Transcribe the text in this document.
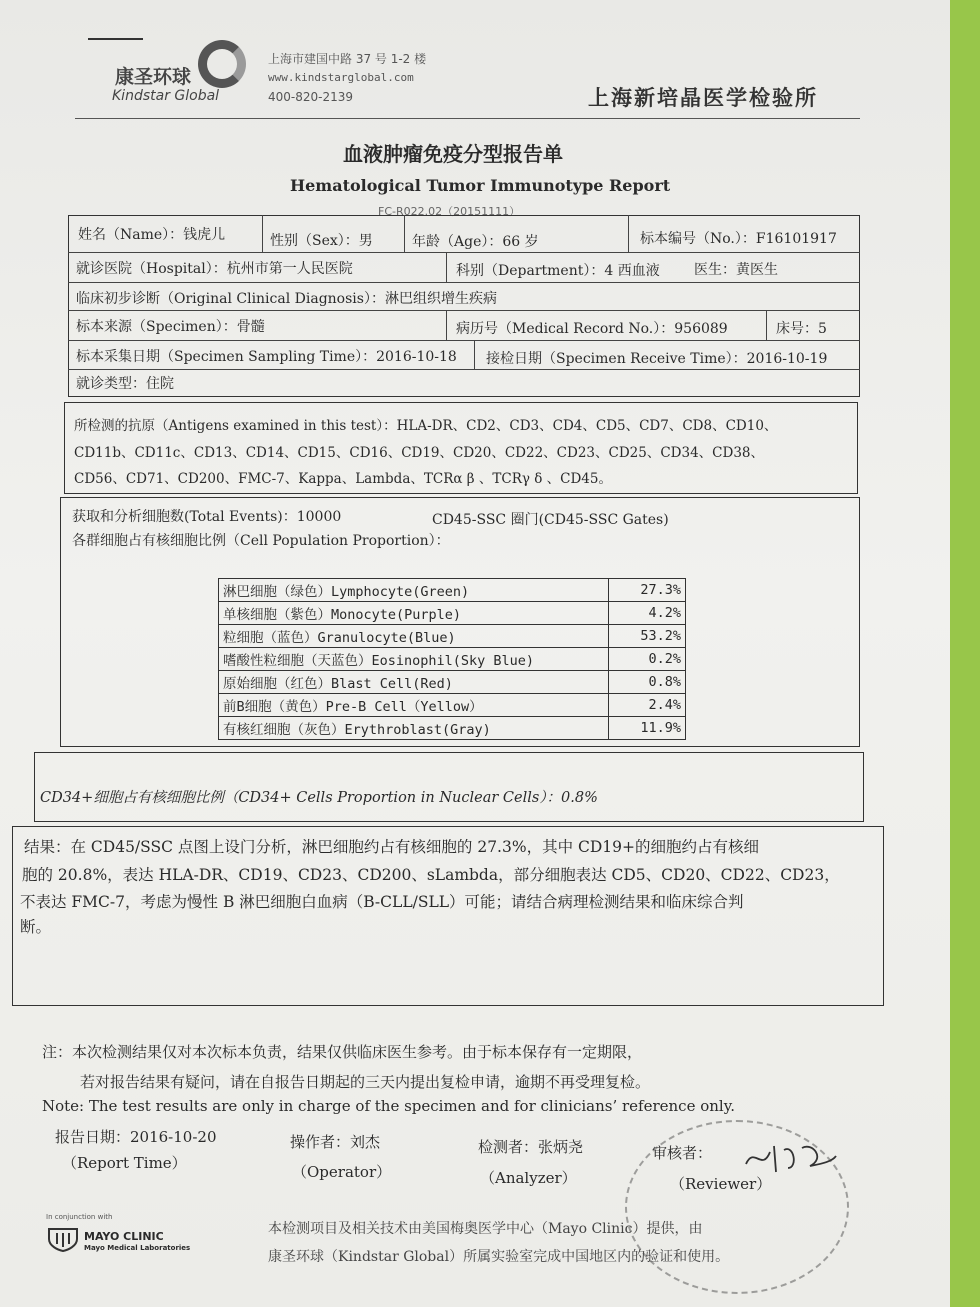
康圣环球
Kindstar Global
上海市建国中路 37 号 1-2 楼
www.kindstarglobal.com
400-820-2139	上海新培晶医学检验所
血液肿瘤免疫分型报告单
Hematological Tumor Immunotype Report
FC-R022.02（20151111）
姓名（Name）：钱虎儿	性别（Sex）：男	年龄（Age）：66 岁	标本编号（No.）：F16101917
就诊医院（Hospital）：杭州市第一人民医院	科别（Department）：4 西血液 医生：黄医生
临床初步诊断（Original Clinical Diagnosis）：淋巴组织增生疾病
标本来源（Specimen）：骨髓	病历号（Medical Record No.）：956089	床号：5
标本采集日期（Specimen Sampling Time）：2016-10-18 接检日期（Specimen Receive Time）：2016-10-19
就诊类型：住院
所检测的抗原（Antigens examined in this test）：HLA-DR、CD2、CD3、CD4、CD5、CD7、CD8、CD10、
CD11b、CD11c、CD13、CD14、CD15、CD16、CD19、CD20、CD22、CD23、CD25、CD34、CD38、
CD56、CD71、CD200、FMC-7、Kappa、Lambda、TCRα β 、TCRγ δ 、CD45。
获取和分析细胞数(Total Events)：10000	CD45-SSC 圈门(CD45-SSC Gates)
各群细胞占有核细胞比例（Cell Population Proportion）：
淋巴细胞（绿色）Lymphocyte(Green)	27.3%
单核细胞（紫色）Monocyte(Purple)	4.2%
粒细胞（蓝色）Granulocyte(Blue)	53.2%
嗜酸性粒细胞（天蓝色）Eosinophil(Sky Blue)	0.2%
原始细胞（红色）Blast Cell(Red)	0.8%
前B细胞（黄色）Pre-B Cell（Yellow）	2.4%
有核红细胞（灰色）Erythroblast(Gray)	11.9%
CD34+细胞占有核细胞比例（CD34+ Cells Proportion in Nuclear Cells）：0.8%
结果：在 CD45/SSC 点图上设门分析，淋巴细胞约占有核细胞的 27.3%，其中 CD19+的细胞约占有核细
胞的 20.8%，表达 HLA-DR、CD19、CD23、CD200、sLambda，部分细胞表达 CD5、CD20、CD22、CD23，
不表达 FMC-7，考虑为慢性 B 淋巴细胞白血病（B-CLL/SLL）可能；请结合病理检测结果和临床综合判
断。
注：本次检测结果仅对本次标本负责，结果仅供临床医生参考。由于标本保存有一定期限，
若对报告结果有疑问，请在自报告日期起的三天内提出复检申请，逾期不再受理复检。
Note: The test results are only in charge of the specimen and for clinicians’ reference only.
报告日期：2016-10-20
（Report Time）
操作者：刘杰
（Operator）
检测者：张炳尧
（Analyzer）
审核者：
（Reviewer）
In conjunction with
MAYO CLINIC
Mayo Medical Laboratories
本检测项目及相关技术由美国梅奥医学中心（Mayo Clinic）提供，由
康圣环球（Kindstar Global）所属实验室完成中国地区内的验证和使用。
